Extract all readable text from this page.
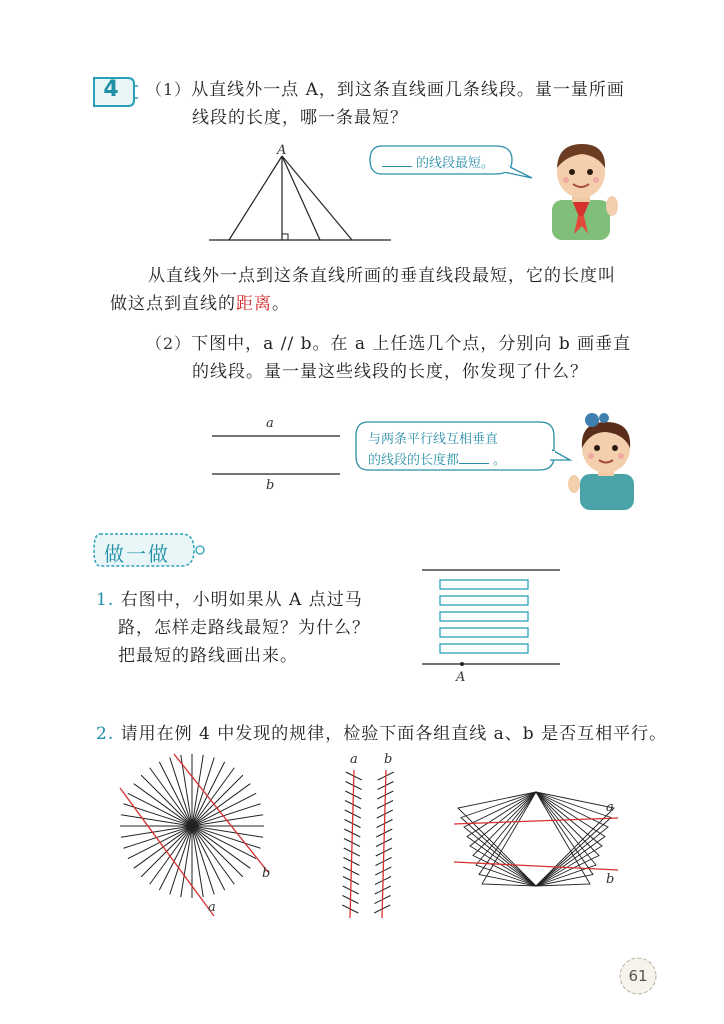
4	（1）从直线外一点 A，到这条直线画几条线段。量一量所画
线段的长度，哪一条最短？
A
的线段最短。
从直线外一点到这条直线所画的垂直线段最短，它的长度叫
做这点到直线的距离。
（2）下图中，a // b。在 a 上任选几个点，分别向 b 画垂直
的线段。量一量这些线段的长度，你发现了什么？
a
b
与两条平行线互相垂直
的线段的长度都	。
做一做
1. 右图中，小明如果从 A 点过马
路，怎样走路线最短？为什么？
把最短的路线画出来。
A
2. 请用在例 4 中发现的规律，检验下面各组直线 a、b 是否互相平行。
b
a
a b
a
b
61
